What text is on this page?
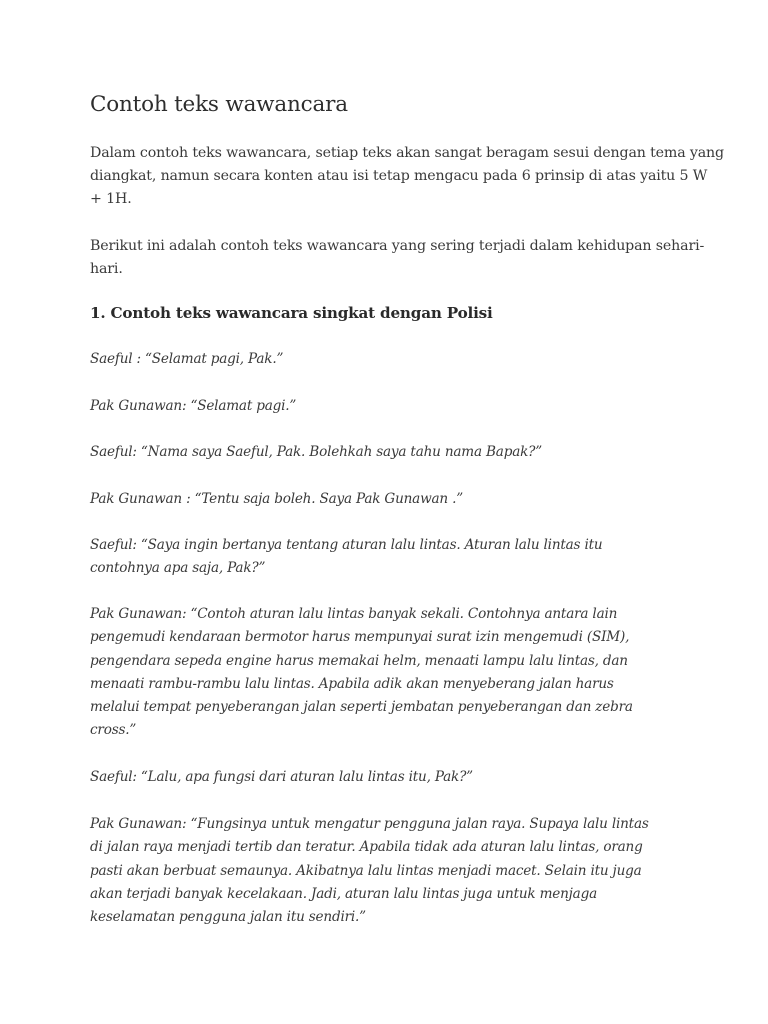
Contoh teks wawancara

Dalam contoh teks wawancara, setiap teks akan sangat beragam sesui dengan tema yang
diangkat, namun secara konten atau isi tetap mengacu pada 6 prinsip di atas yaitu 5 W
+ 1H.

Berikut ini adalah contoh teks wawancara yang sering terjadi dalam kehidupan sehari-
hari.

1. Contoh teks wawancara singkat dengan Polisi

Saeful : “Selamat pagi, Pak.”

Pak Gunawan: “Selamat pagi.”

Saeful: “Nama saya Saeful, Pak. Bolehkah saya tahu nama Bapak?”

Pak Gunawan : “Tentu saja boleh. Saya Pak Gunawan .”

Saeful: “Saya ingin bertanya tentang aturan lalu lintas. Aturan lalu lintas itu
contohnya apa saja, Pak?”

Pak Gunawan: “Contoh aturan lalu lintas banyak sekali. Contohnya antara lain
pengemudi kendaraan bermotor harus mempunyai surat izin mengemudi (SIM),
pengendara sepeda engine harus memakai helm, menaati lampu lalu lintas, dan
menaati rambu-rambu lalu lintas. Apabila adik akan menyeberang jalan harus
melalui tempat penyeberangan jalan seperti jembatan penyeberangan dan zebra
cross.”

Saeful: “Lalu, apa fungsi dari aturan lalu lintas itu, Pak?”

Pak Gunawan: “Fungsinya untuk mengatur pengguna jalan raya. Supaya lalu lintas
di jalan raya menjadi tertib dan teratur. Apabila tidak ada aturan lalu lintas, orang
pasti akan berbuat semaunya. Akibatnya lalu lintas menjadi macet. Selain itu juga
akan terjadi banyak kecelakaan. Jadi, aturan lalu lintas juga untuk menjaga
keselamatan pengguna jalan itu sendiri.”
